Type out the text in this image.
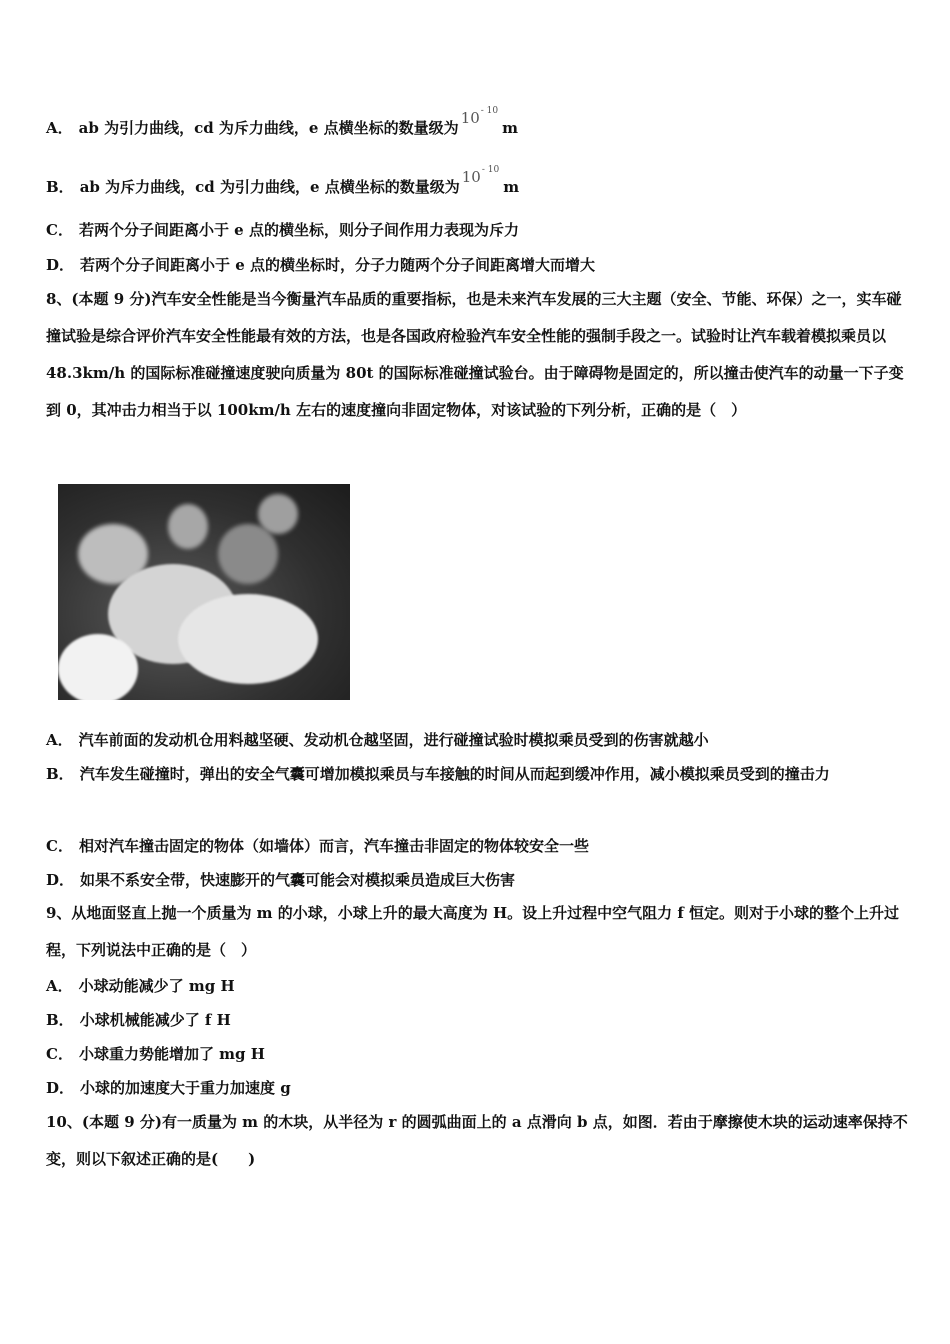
A． ab 为引力曲线，cd 为斥力曲线，e 点横坐标的数量级为$10^{- 10}m$
B． ab 为斥力曲线，cd 为引力曲线，e 点横坐标的数量级为$10^{- 10}m$
C． 若两个分子间距离小于 e 点的横坐标，则分子间作用力表现为斥力
D． 若两个分子间距离小于 e 点的横坐标时，分子力随两个分子间距离增大而增大
8、(本题 9 分)汽车安全性能是当今衡量汽车品质的重要指标，也是未来汽车发展的三大主题（安全、节能、环保）之一，实车碰撞试验是综合评价汽车安全性能最有效的方法，也是各国政府检验汽车安全性能的强制手段之一。试验时让汽车载着模拟乘员以 48.3km/h 的国际标准碰撞速度驶向质量为 80t 的国际标准碰撞试验台。由于障碍物是固定的，所以撞击使汽车的动量一下子变到 0，其冲击力相当于以 100km/h 左右的速度撞向非固定物体，对该试验的下列分析，正确的是（　）
A． 汽车前面的发动机仓用料越坚硬、发动机仓越坚固，进行碰撞试验时模拟乘员受到的伤害就越小
B． 汽车发生碰撞时，弹出的安全气囊可增加模拟乘员与车接触的时间从而起到缓冲作用，减小模拟乘员受到的撞击力
C． 相对汽车撞击固定的物体（如墙体）而言，汽车撞击非固定的物体较安全一些
D． 如果不系安全带，快速膨开的气囊可能会对模拟乘员造成巨大伤害
9、从地面竖直上抛一个质量为 m 的小球，小球上升的最大高度为 H。设上升过程中空气阻力 f 恒定。则对于小球的整个上升过程，下列说法中正确的是（　）
A． 小球动能减少了 mg H
B． 小球机械能减少了 f H
C． 小球重力势能增加了 mg H
D． 小球的加速度大于重力加速度 g
10、(本题 9 分)有一质量为 m 的木块，从半径为 r 的圆弧曲面上的 a 点滑向 b 点，如图．若由于摩擦使木块的运动速率保持不变，则以下叙述正确的是(　　)
